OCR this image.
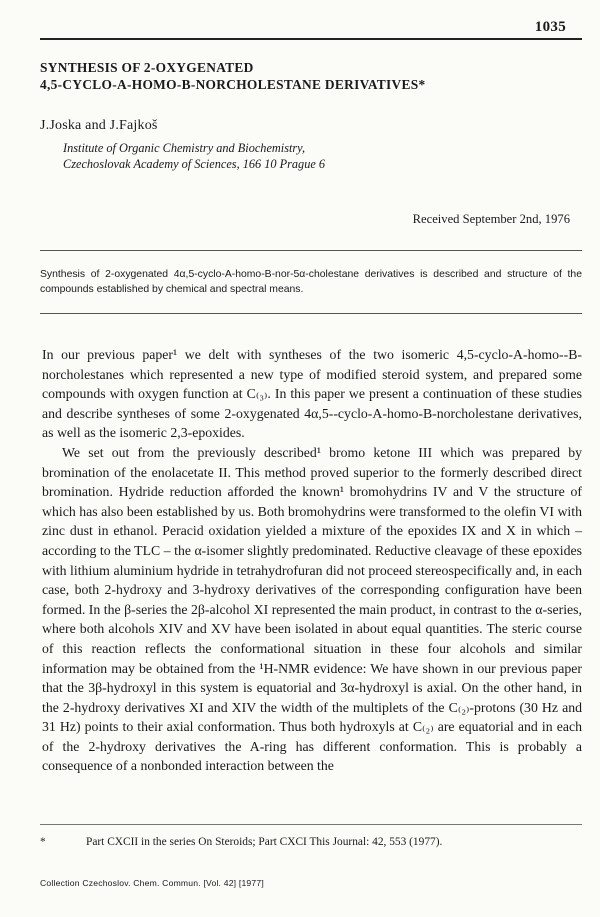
1035
SYNTHESIS OF 2-OXYGENATED
4,5-CYCLO-A-HOMO-B-NORCHOLESTANE DERIVATIVES*
J.Joska and J.Fajkoš
Institute of Organic Chemistry and Biochemistry,
Czechoslovak Academy of Sciences, 166 10 Prague 6
Received September 2nd, 1976
Synthesis of 2-oxygenated 4α,5-cyclo-A-homo-B-nor-5α-cholestane derivatives is described and structure of the compounds established by chemical and spectral means.

In our previous paper¹ we delt with syntheses of the two isomeric 4,5-cyclo-A-homo--B-norcholestanes which represented a new type of modified steroid system, and prepared some compounds with oxygen function at C₍₃₎. In this paper we present a continuation of these studies and describe syntheses of some 2-oxygenated 4α,5--cyclo-A-homo-B-norcholestane derivatives, as well as the isomeric 2,3-epoxides.

We set out from the previously described¹ bromo ketone III which was prepared by bromination of the enolacetate II. This method proved superior to the formerly described direct bromination. Hydride reduction afforded the known¹ bromohydrins IV and V the structure of which has also been established by us. Both bromohydrins were transformed to the olefin VI with zinc dust in ethanol. Peracid oxidation yielded a mixture of the epoxides IX and X in which – according to the TLC – the α-isomer slightly predominated. Reductive cleavage of these epoxides with lithium aluminium hydride in tetrahydrofuran did not proceed stereospecifically and, in each case, both 2-hydroxy and 3-hydroxy derivatives of the corresponding configuration have been formed. In the β-series the 2β-alcohol XI represented the main product, in contrast to the α-series, where both alcohols XIV and XV have been isolated in about equal quantities. The steric course of this reaction reflects the conformational situation in these four alcohols and similar information may be obtained from the ¹H-NMR evidence: We have shown in our previous paper that the 3β-hydroxyl in this system is equatorial and 3α-hydroxyl is axial. On the other hand, in the 2-hydroxy derivatives XI and XIV the width of the multiplets of the C₍₂₎-protons (30 Hz and 31 Hz) points to their axial conformation. Thus both hydroxyls at C₍₂₎ are equatorial and in each of the 2-hydroxy derivatives the A-ring has different conformation. This is probably a consequence of a nonbonded interaction between the

*	Part CXCII in the series On Steroids; Part CXCI This Journal: 42, 553 (1977).
Collection Czechoslov. Chem. Commun. [Vol. 42] [1977]
